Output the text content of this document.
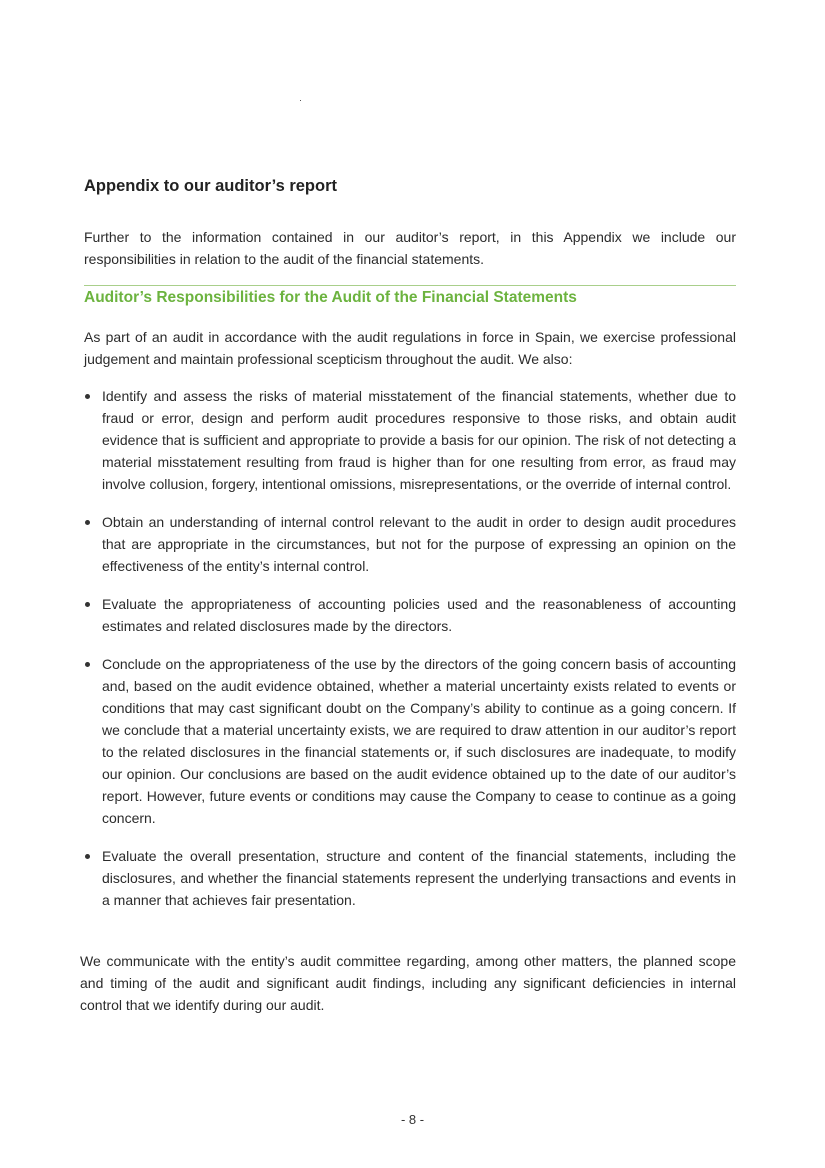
Appendix to our auditor’s report

Further to the information contained in our auditor’s report, in this Appendix we include our responsibilities in relation to the audit of the financial statements.

Auditor’s Responsibilities for the Audit of the Financial Statements

As part of an audit in accordance with the audit regulations in force in Spain, we exercise professional judgement and maintain professional scepticism throughout the audit. We also:

Identify and assess the risks of material misstatement of the financial statements, whether due to fraud or error, design and perform audit procedures responsive to those risks, and obtain audit evidence that is sufficient and appropriate to provide a basis for our opinion. The risk of not detecting a material misstatement resulting from fraud is higher than for one resulting from error, as fraud may involve collusion, forgery, intentional omissions, misrepresentations, or the override of internal control.
Obtain an understanding of internal control relevant to the audit in order to design audit procedures that are appropriate in the circumstances, but not for the purpose of expressing an opinion on the effectiveness of the entity’s internal control.
Evaluate the appropriateness of accounting policies used and the reasonableness of accounting estimates and related disclosures made by the directors.
Conclude on the appropriateness of the use by the directors of the going concern basis of accounting and, based on the audit evidence obtained, whether a material uncertainty exists related to events or conditions that may cast significant doubt on the Company’s ability to continue as a going concern. If we conclude that a material uncertainty exists, we are required to draw attention in our auditor’s report to the related disclosures in the financial statements or, if such disclosures are inadequate, to modify our opinion. Our conclusions are based on the audit evidence obtained up to the date of our auditor’s report. However, future events or conditions may cause the Company to cease to continue as a going concern.
Evaluate the overall presentation, structure and content of the financial statements, including the disclosures, and whether the financial statements represent the underlying transactions and events in a manner that achieves fair presentation.

We communicate with the entity’s audit committee regarding, among other matters, the planned scope and timing of the audit and significant audit findings, including any significant deficiencies in internal control that we identify during our audit.

- 8 -
